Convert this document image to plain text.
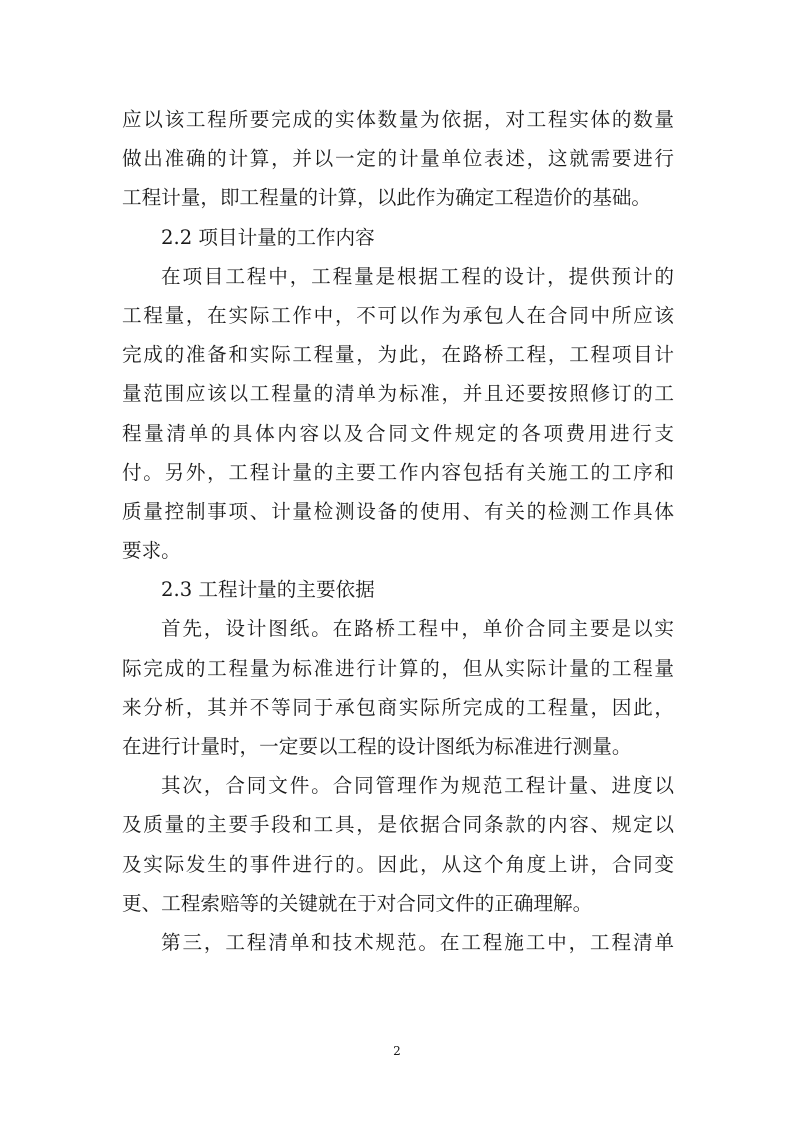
应以该工程所要完成的实体数量为依据，对工程实体的数量
做出准确的计算，并以一定的计量单位表述，这就需要进行
工程计量，即工程量的计算，以此作为确定工程造价的基础。
2.2 项目计量的工作内容
在项目工程中，工程量是根据工程的设计，提供预计的
工程量，在实际工作中，不可以作为承包人在合同中所应该
完成的准备和实际工程量，为此，在路桥工程，工程项目计
量范围应该以工程量的清单为标准，并且还要按照修订的工
程量清单的具体内容以及合同文件规定的各项费用进行支
付。另外，工程计量的主要工作内容包括有关施工的工序和
质量控制事项、计量检测设备的使用、有关的检测工作具体
要求。
2.3 工程计量的主要依据
首先，设计图纸。在路桥工程中，单价合同主要是以实
际完成的工程量为标准进行计算的，但从实际计量的工程量
来分析，其并不等同于承包商实际所完成的工程量，因此，
在进行计量时，一定要以工程的设计图纸为标准进行测量。
其次，合同文件。合同管理作为规范工程计量、进度以
及质量的主要手段和工具，是依据合同条款的内容、规定以
及实际发生的事件进行的。因此，从这个角度上讲，合同变
更、工程索赔等的关键就在于对合同文件的正确理解。
第三，工程清单和技术规范。在工程施工中，工程清单
2
